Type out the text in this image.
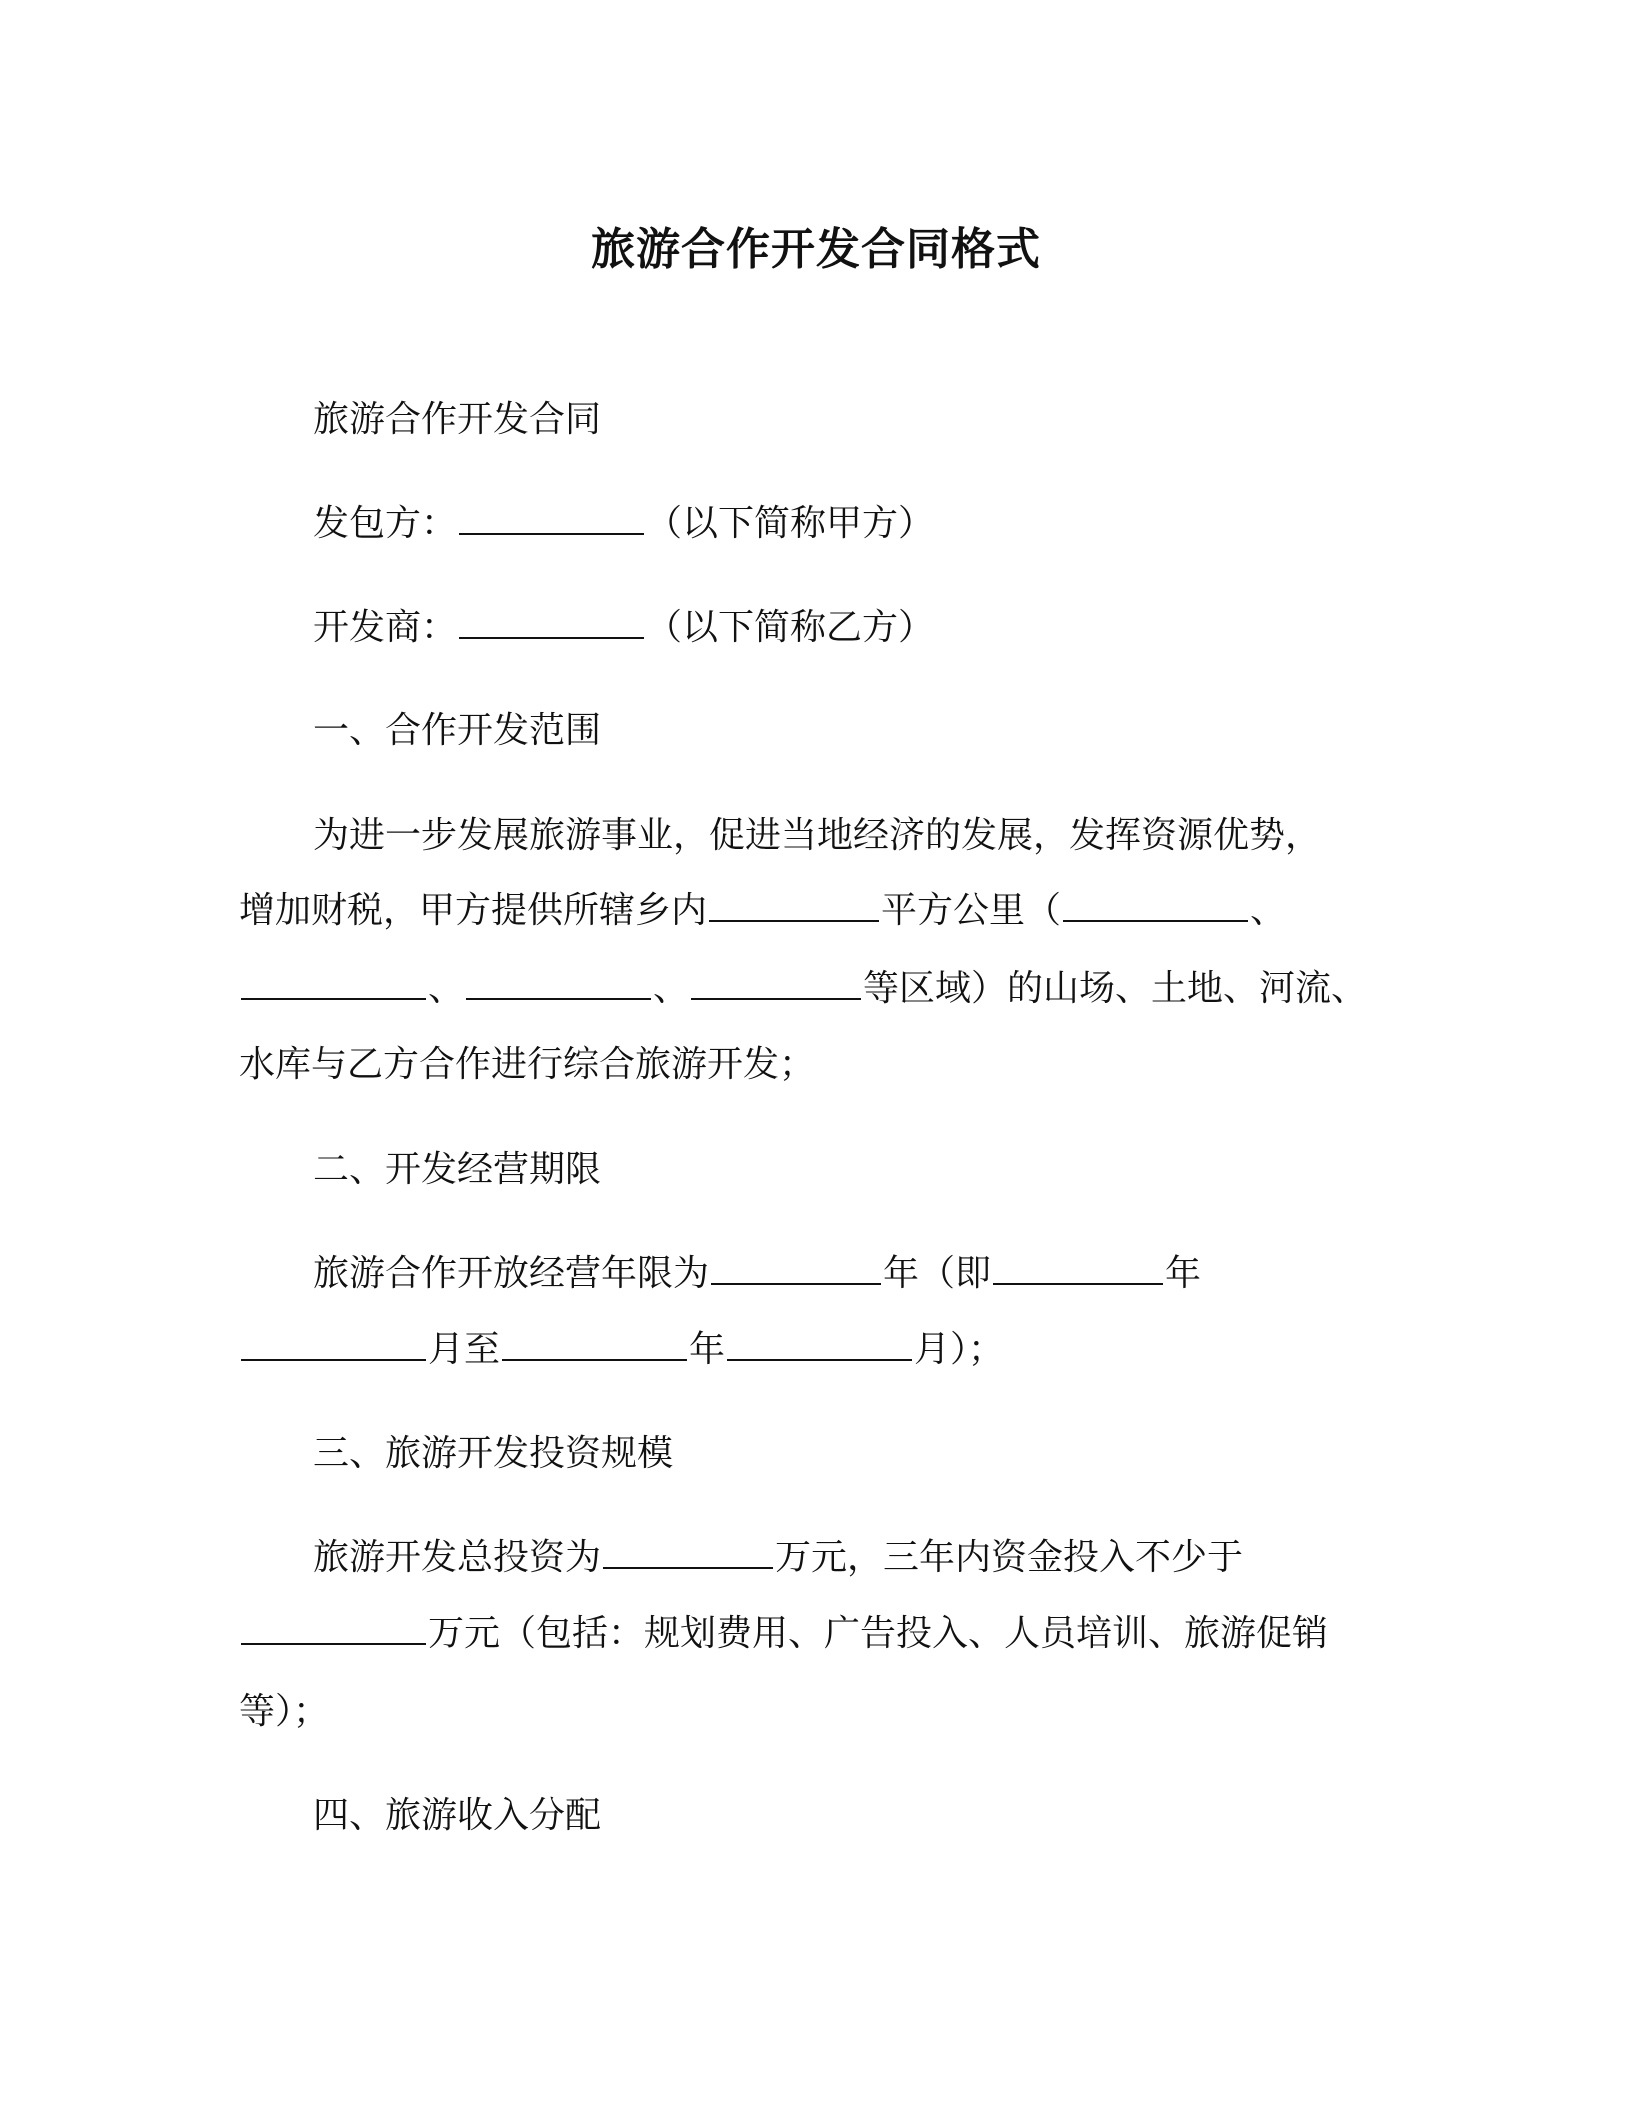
旅游合作开发合同格式

旅游合作开发合同

发包方：	（以下简称甲方）

开发商：	（以下简称乙方）

一、合作开发范围

为进一步发展旅游事业，促进当地经济的发展，发挥资源优势，

增加财税，甲方提供所辖乡内	平方公里（	、

、	、	等区域）的山场、土地、河流、

水库与乙方合作进行综合旅游开发；

二、开发经营期限

旅游合作开放经营年限为	年（即	年

月至	年	月）；

三、旅游开发投资规模

旅游开发总投资为	万元，三年内资金投入不少于

万元（包括：规划费用、广告投入、人员培训、旅游促销

等）；

四、旅游收入分配
